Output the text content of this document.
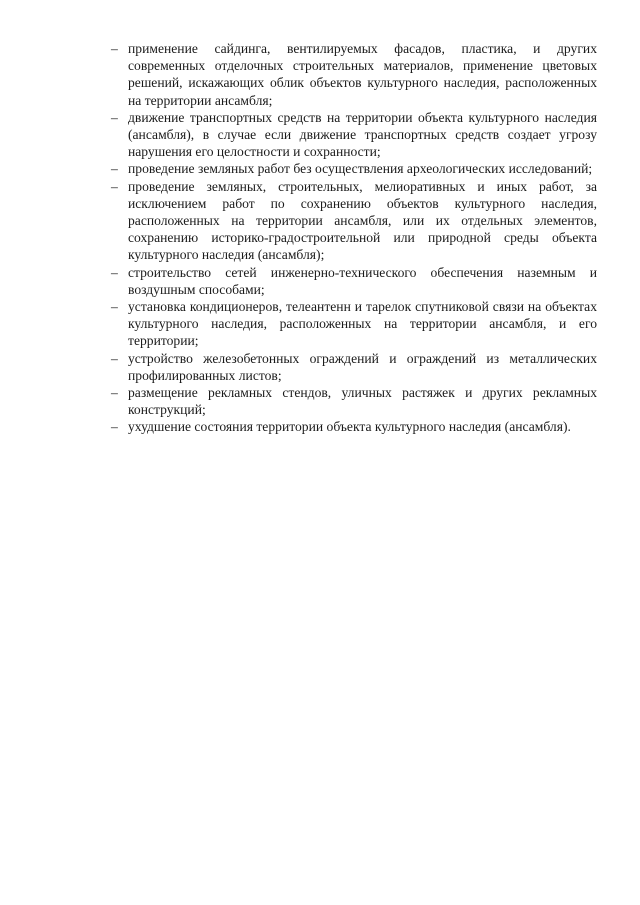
– применение сайдинга, вентилируемых фасадов, пластика, и других современных отделочных строительных материалов, применение цветовых решений, искажающих облик объектов культурного наследия, расположенных на территории ансамбля;
– движение транспортных средств на территории объекта культурного наследия (ансамбля), в случае если движение транспортных средств создает угрозу нарушения его целостности и сохранности;
– проведение земляных работ без осуществления археологических исследований;
– проведение земляных, строительных, мелиоративных и иных работ, за исключением работ по сохранению объектов культурного наследия, расположенных на территории ансамбля, или их отдельных элементов, сохранению историко-градостроительной или природной среды объекта культурного наследия (ансамбля);
– строительство сетей инженерно-технического обеспечения наземным и воздушным способами;
– установка кондиционеров, телеантенн и тарелок спутниковой связи на объектах культурного наследия, расположенных на территории ансамбля, и его территории;
– устройство железобетонных ограждений и ограждений из металлических профилированных листов;
– размещение рекламных стендов, уличных растяжек и других рекламных конструкций;
– ухудшение состояния территории объекта культурного наследия (ансамбля).
